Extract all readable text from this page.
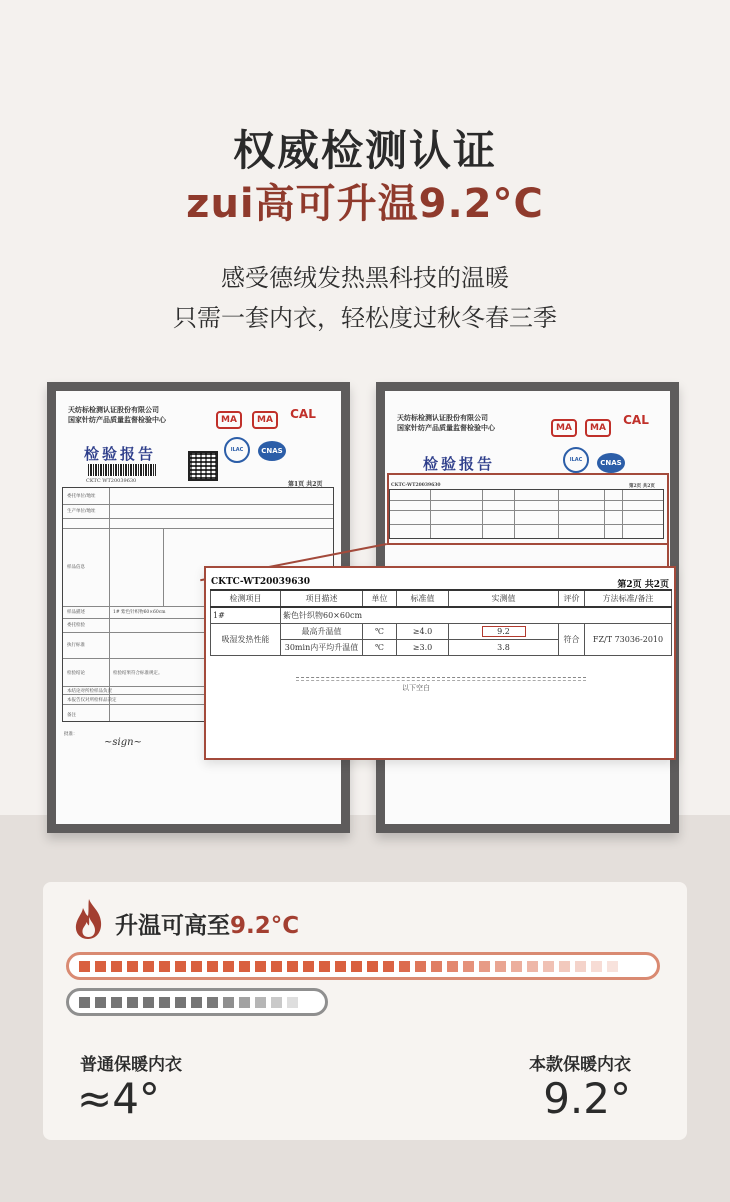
权威检测认证
zui高可升温9.2°C
感受德绒发热黑科技的温暖
只需一套内衣，轻松度过秋冬春三季
天纺标检测认证股份有限公司
国家针纺产品质量监督检验中心
检验报告
CKTC WT20039630
MA	MA	CAL
ILAC	CNAS
第1页 共2页
委托单位/地址
生产单位/地址
样品信息
样品描述	1# 紫色针织物60×60cm
委托检验
执行标准
检验结论	检验结果符合标准规定。
本结论对所检样品负责
本报告仅对所检样品决定
备注
批准：
~sign~
天纺标检测认证股份有限公司
国家针纺产品质量监督检验中心
检验报告
MA	MA
CAL
ILAC	CNAS
CKTC-WT20039630	第2页 共2页
CKTC-WT20039630	第2页 共2页
检测项目	项目描述	单位	标准值	实测值	评价	方法标准/备注
1#	紫色针织物60×60cm					
吸湿发热性能	最高升温值	℃	≥4.0	9.2	符合	FZ/T 73036-2010
	30min内平均升温值	℃	≥3.0	3.8		
以下空白
升温可高至9.2°C
普通保暖内衣
≈4°
本款保暖内衣
9.2°
